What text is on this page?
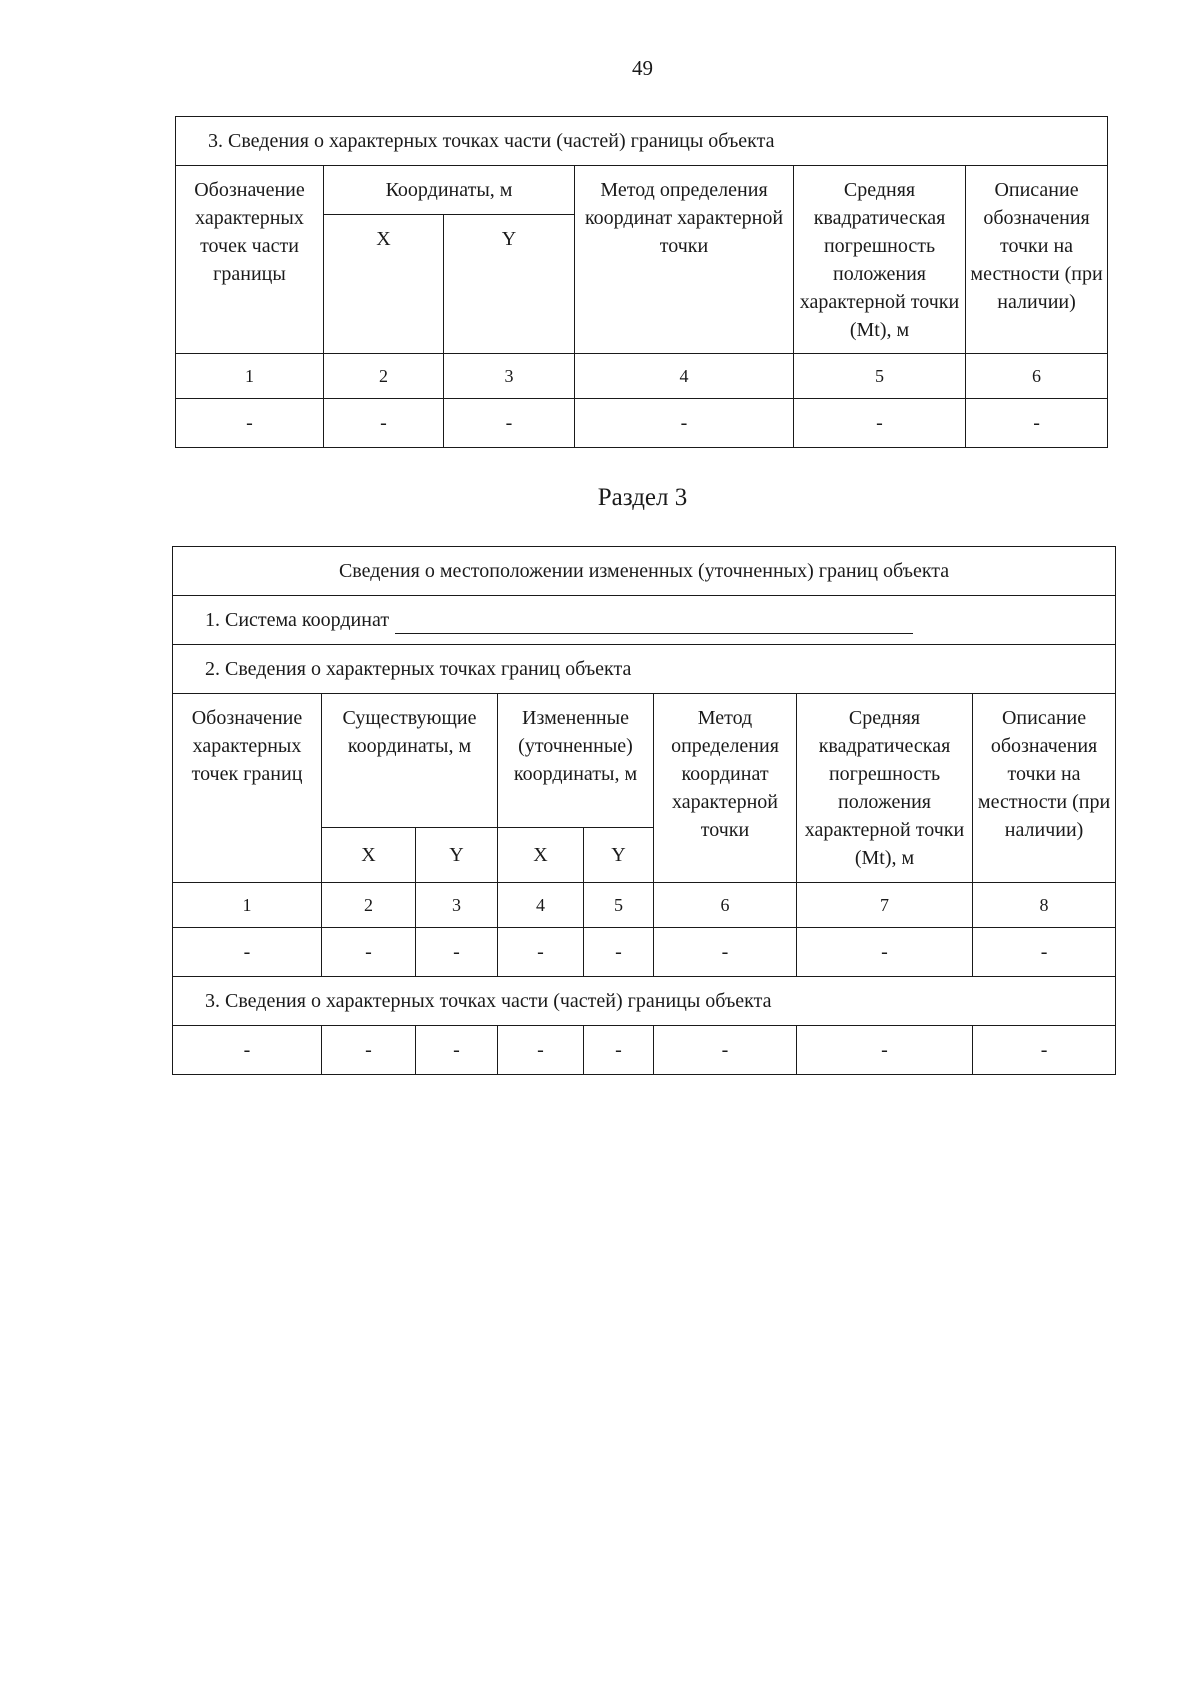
49
3. Сведения о характерных точках части (частей) границы объекта					
Обозначение характерных точек части границы	Координаты, м		Метод определения координат характерной точки	Средняя квадратическая погрешность положения характерной точки (Mt), м	Описание обозначения точки на местности (при наличии)
	X	Y			
1	2	3	4	5	6
-	-	-	-	-	-
Раздел 3
Сведения о местоположении измененных (уточненных) границ объекта							
1. Система координат							
2. Сведения о характерных точках границ объекта							
Обозначение характерных точек границ	Существующие координаты, м		Измененные (уточненные) координаты, м		Метод определения координат характерной точки	Средняя квадратическая погрешность положения характерной точки (Mt), м	Описание обозначения точки на местности (при наличии)
	X	Y	X	Y			
1	2	3	4	5	6	7	8
-	-	-	-	-	-	-	-
3. Сведения о характерных точках части (частей) границы объекта							
-	-	-	-	-	-	-	-
